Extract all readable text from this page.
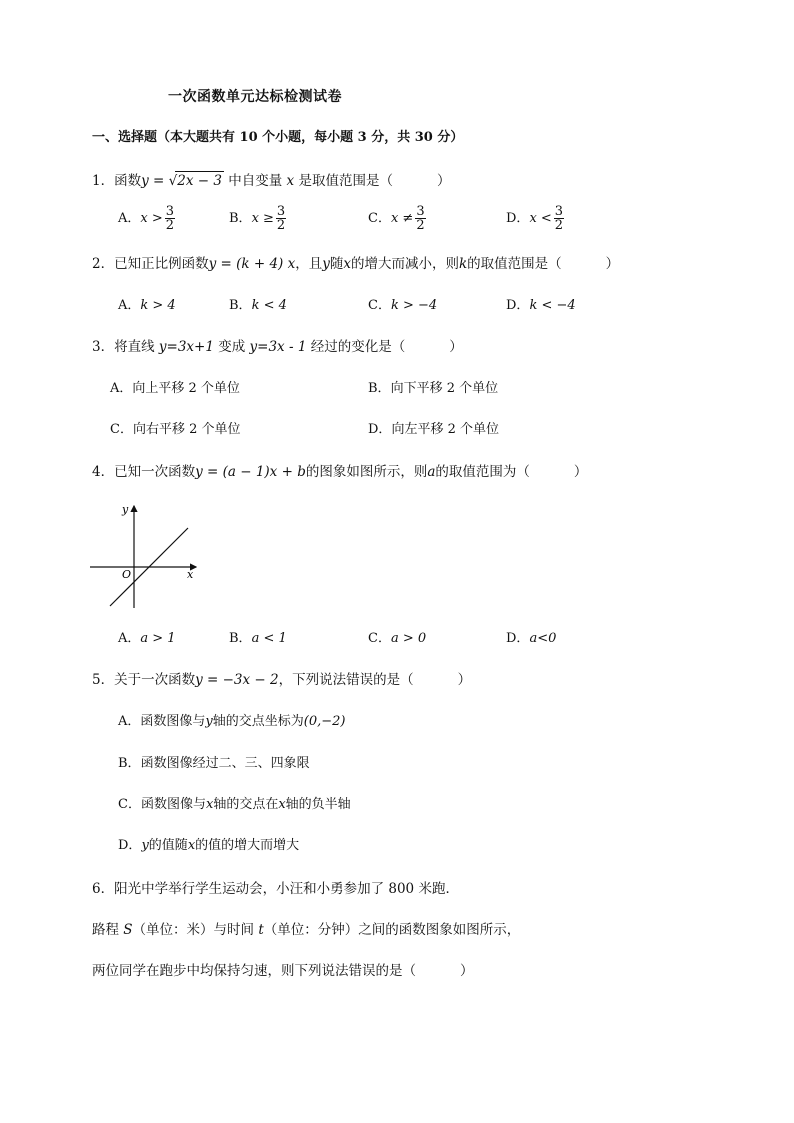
一次函数单元达标检测试卷
一、选择题（本大题共有 10 个小题，每小题 3 分，共 30 分）
1．函数y = √2x − 3 中自变量 x 是取值范围是（	）
A．$x > \frac{3}{2}$	B．$x \ge \frac{3}{2}$	C．$x \ne \frac{3}{2}$	D．$x < \frac{3}{2}$
2．已知正比例函数y = (k + 4) x，且y随x的增大而减小，则k的取值范围是（	）
A．k > 4	B．k < 4	C．k > −4	D．k < −4
3．将直线 y=3x+1 变成 y=3x - 1 经过的变化是（	）
A．向上平移 2 个单位	B．向下平移 2 个单位
C．向右平移 2 个单位	D．向左平移 2 个单位
4．已知一次函数y = (a − 1)x + b的图象如图所示，则a的取值范围为（	）
y
x
O
A．a > 1	B．a < 1	C．a > 0	D．a<0
5．关于一次函数y = −3x − 2，下列说法错误的是（	）
A．函数图像与y轴的交点坐标为(0,−2)
B．函数图像经过二、三、四象限
C．函数图像与x轴的交点在x轴的负半轴
D．y的值随x的值的增大而增大
6．阳光中学举行学生运动会，小汪和小勇参加了 800 米跑．
路程 S（单位：米）与时间 t（单位：分钟）之间的函数图象如图所示，
两位同学在跑步中均保持匀速，则下列说法错误的是（	）
